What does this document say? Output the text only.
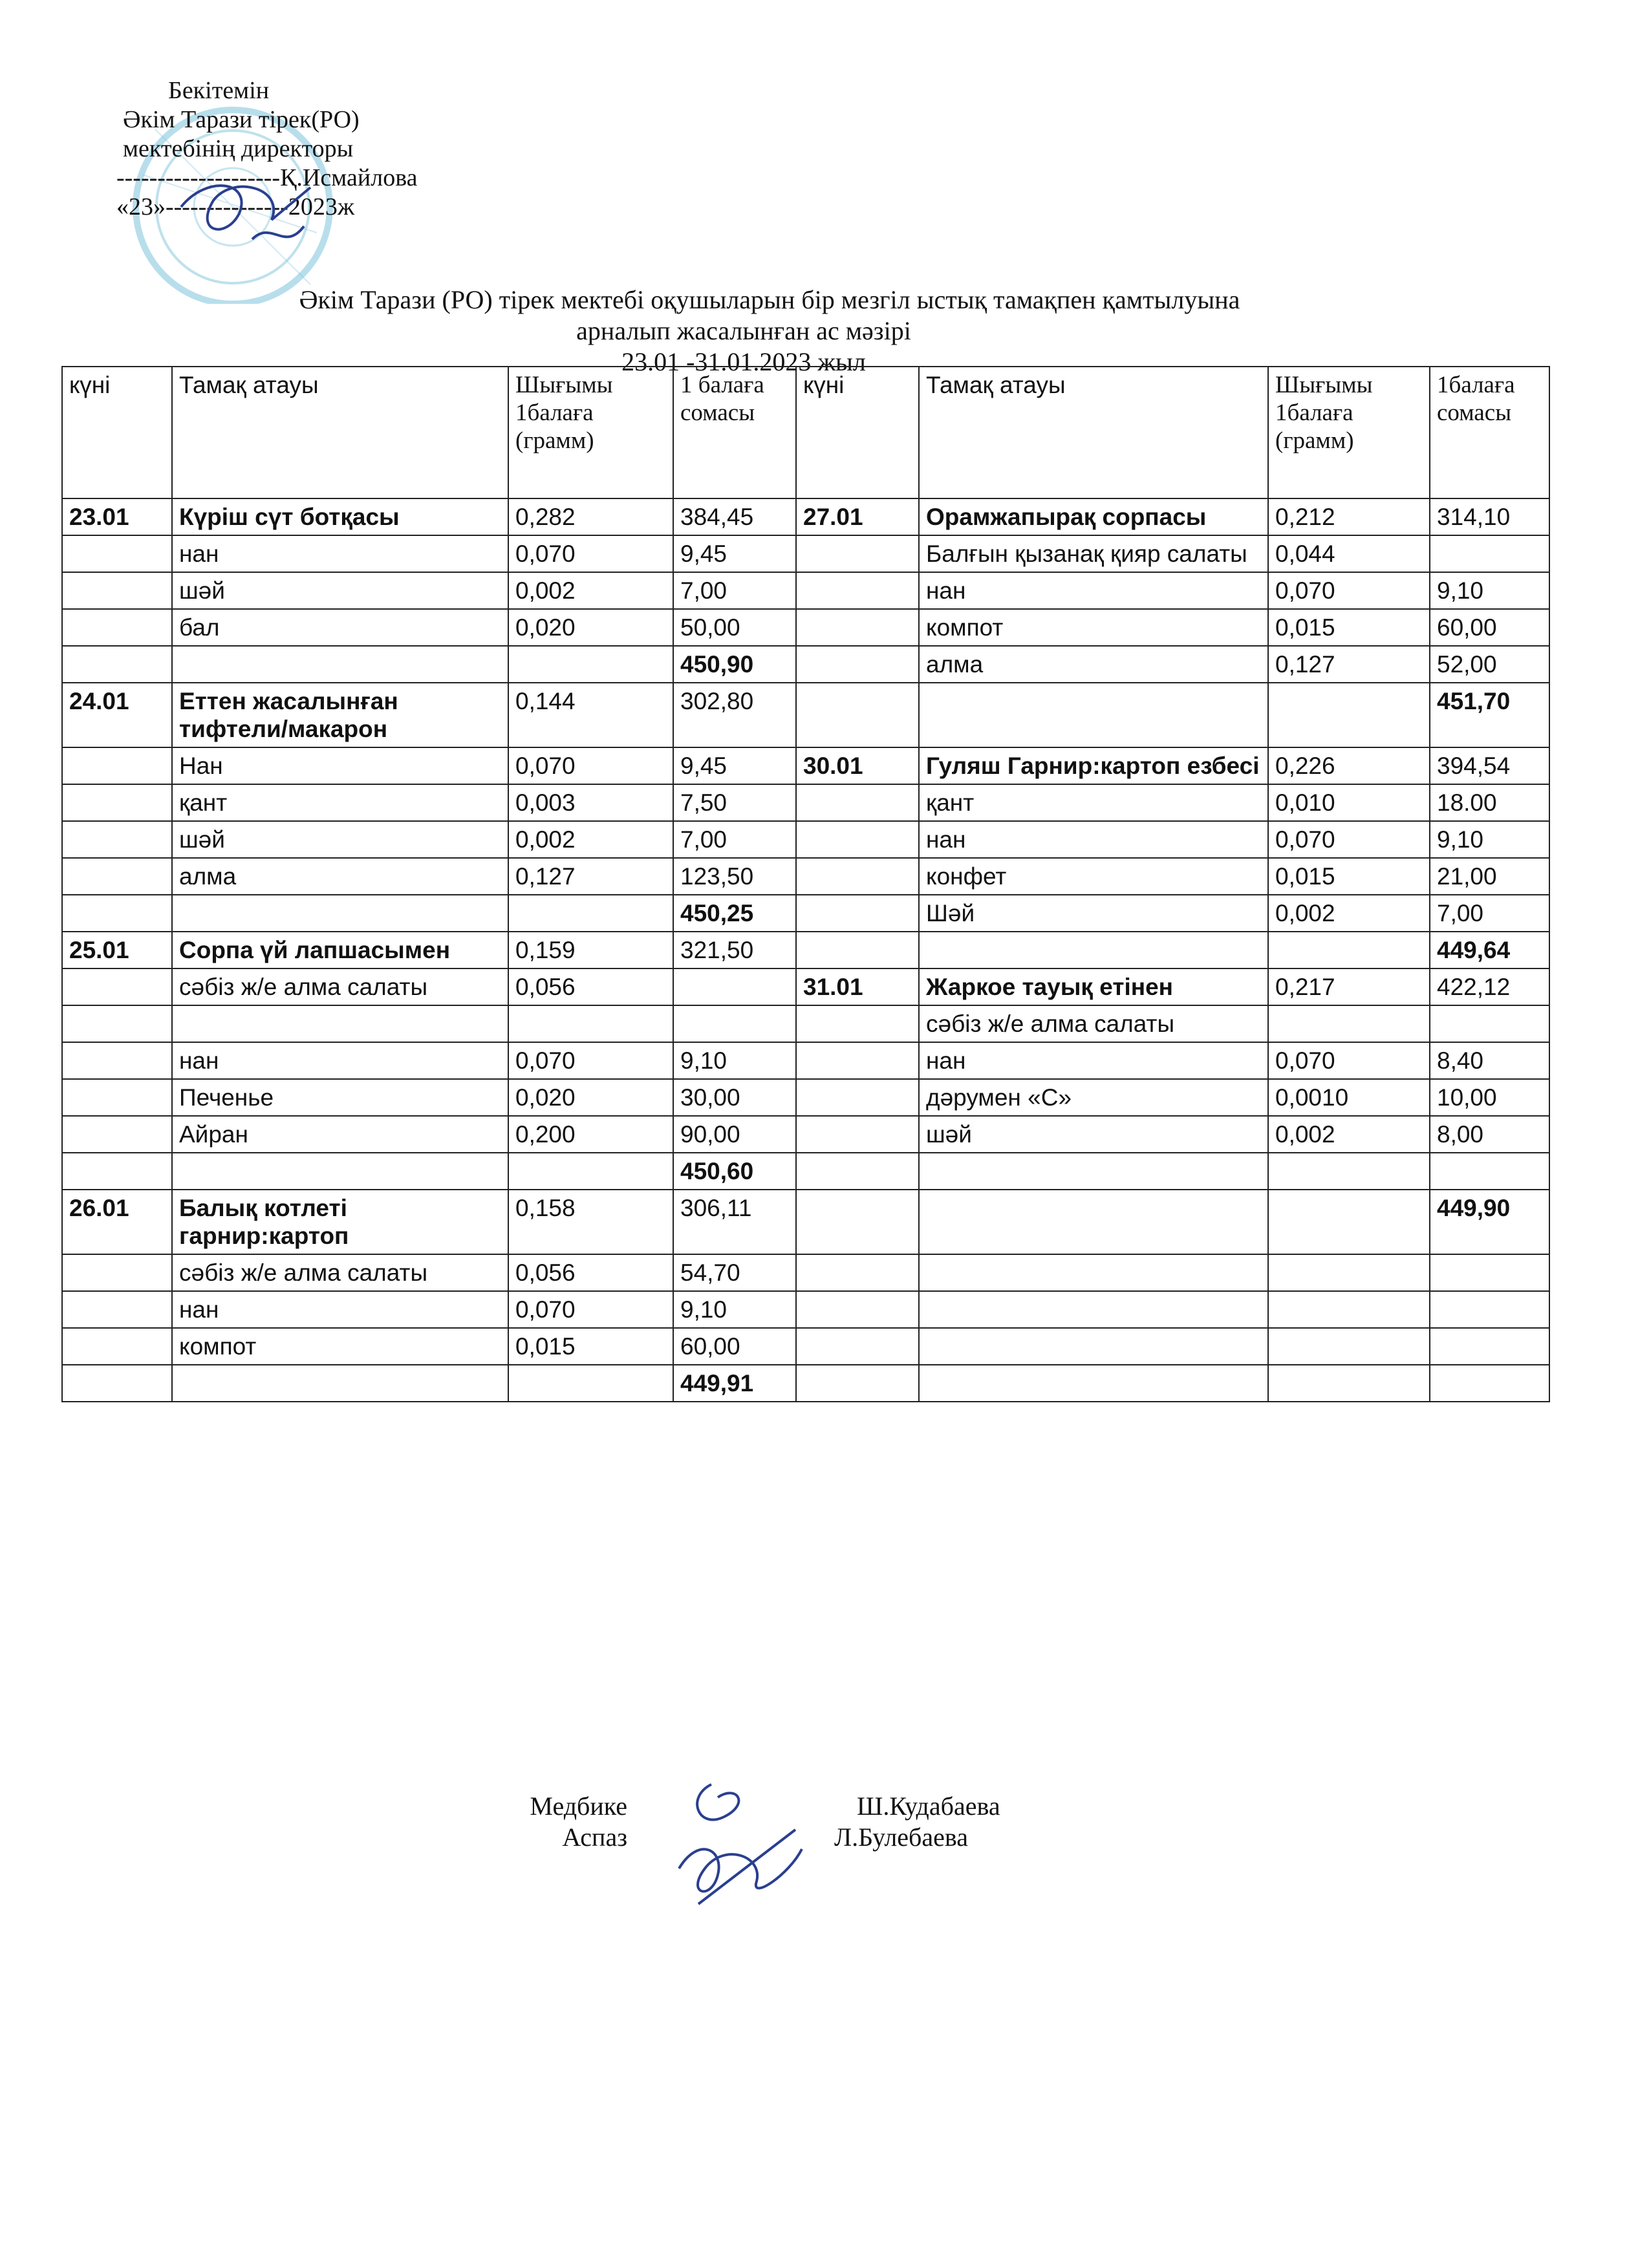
Бекітемін
Әкім Тарази тірек(РО)
мектебінің директоры
--------------------Қ.Исмайлова
«23»---------------2023ж
Әкім Тарази (РО) тірек мектебі оқушыларын бір мезгіл ыстық тамақпен қамтылуына
арналып жасалынған ас мәзірі
23.01 -31.01.2023 жыл
күні	Тамақ атауы	Шығымы 1балаға (грамм)	1 балаға сомасы	күні	Тамақ атауы	Шығымы 1балаға (грамм)	1балаға сомасы
23.01	Күріш сүт ботқасы	0,282	384,45	27.01	Орамжапырақ сорпасы	0,212	314,10
	нан	0,070	9,45		Балғын қызанақ қияр салаты	0,044	
	шәй	0,002	7,00		нан	0,070	9,10
	бал	0,020	50,00		компот	0,015	60,00
			450,90		алма	0,127	52,00
24.01	Еттен жасалынған тифтели/макарон	0,144	302,80				451,70
	Нан	0,070	9,45	30.01	Гуляш Гарнир:картоп езбесі	0,226	394,54
	қант	0,003	7,50		қант	0,010	18.00
	шәй	0,002	7,00		нан	0,070	9,10
	алма	0,127	123,50		конфет	0,015	21,00
			450,25		Шәй	0,002	7,00
25.01	Сорпа үй лапшасымен	0,159	321,50				449,64
	сәбіз ж/е алма салаты	0,056		31.01	Жаркое тауық етінен	0,217	422,12
					сәбіз ж/е алма салаты		
	нан	0,070	9,10		нан	0,070	8,40
	Печенье	0,020	30,00		дәрумен «С»	0,0010	10,00
	Айран	0,200	90,00		шәй	0,002	8,00
			450,60				
26.01	Балық котлеті гарнир:картоп	0,158	306,11				449,90
	сәбіз ж/е алма салаты	0,056	54,70				
	нан	0,070	9,10				
	компот	0,015	60,00				
			449,91				
Медбике
Аспаз
Ш.Кудабаева
Л.Булебаева
